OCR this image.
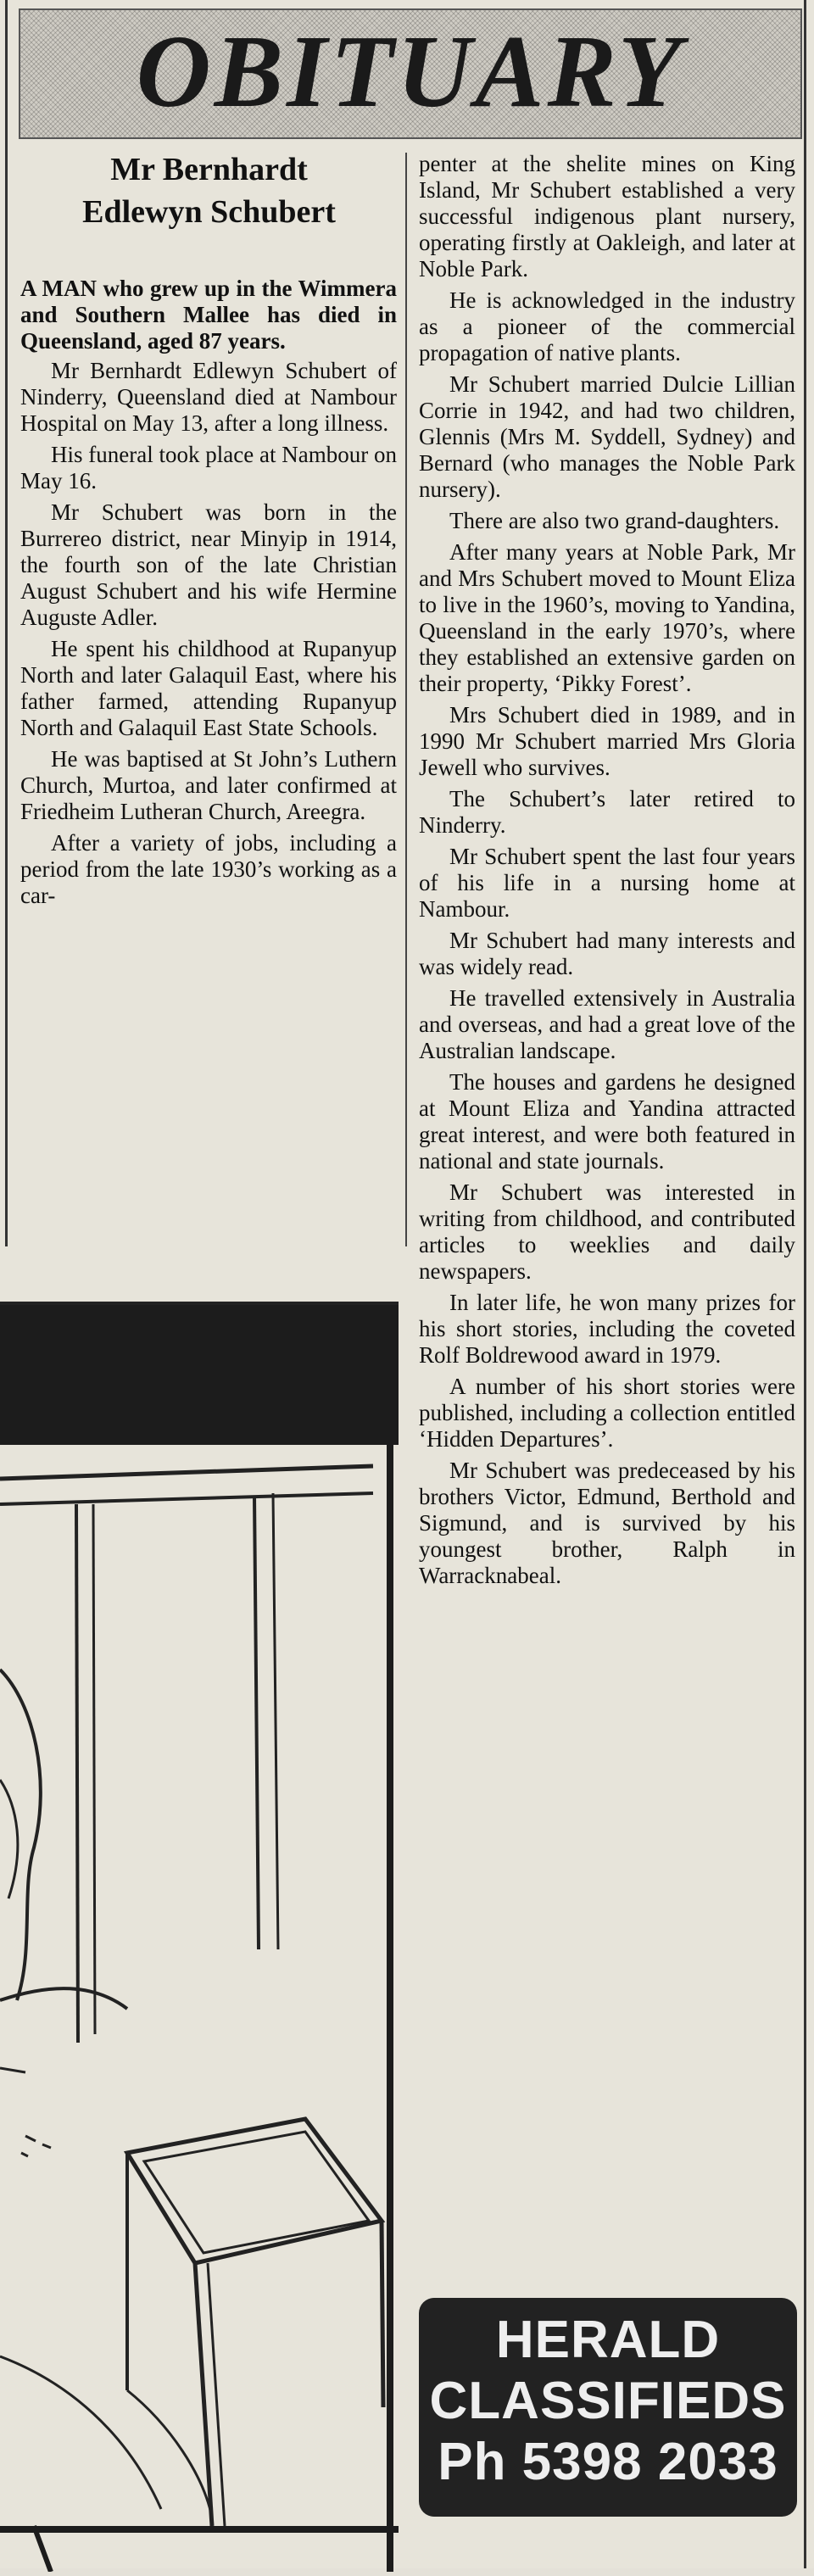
OBITUARY
Mr Bernhardt
Edlewyn Schubert

A MAN who grew up in the Wimmera and Southern Mallee has died in Queensland, aged 87 years.

Mr Bernhardt Edlewyn Schubert of Ninderry, Queensland died at Nambour Hospital on May 13, after a long illness.

His funeral took place at Nambour on May 16.

Mr Schubert was born in the Burrereo district, near Minyip in 1914, the fourth son of the late Christian August Schubert and his wife Hermine Auguste Adler.

He spent his childhood at Rupanyup North and later Galaquil East, where his father farmed, attending Rupanyup North and Galaquil East State Schools.

He was baptised at St John’s Luthern Church, Murtoa, and later confirmed at Friedheim Lutheran Church, Areegra.

After a variety of jobs, including a period from the late 1930’s working as a car-

penter at the shelite mines on King Island, Mr Schubert established a very successful indigenous plant nursery, operating firstly at Oakleigh, and later at Noble Park.

He is acknowledged in the industry as a pioneer of the commercial propagation of native plants.

Mr Schubert married Dulcie Lillian Corrie in 1942, and had two children, Glennis (Mrs M. Syddell, Sydney) and Bernard (who manages the Noble Park nursery).

There are also two grand-daughters.

After many years at Noble Park, Mr and Mrs Schubert moved to Mount Eliza to live in the 1960’s, moving to Yandina, Queensland in the early 1970’s, where they established an extensive garden on their property, ‘Pikky Forest’.

Mrs Schubert died in 1989, and in 1990 Mr Schubert married Mrs Gloria Jewell who survives.

The Schubert’s later retired to Ninderry.

Mr Schubert spent the last four years of his life in a nursing home at Nambour.

Mr Schubert had many interests and was widely read.

He travelled extensively in Australia and overseas, and had a great love of the Australian landscape.

The houses and gardens he designed at Mount Eliza and Yandina attracted great interest, and were both featured in national and state journals.

Mr Schubert was interested in writing from childhood, and contributed articles to weeklies and daily newspapers.

In later life, he won many prizes for his short stories, including the coveted Rolf Boldrewood award in 1979.

A number of his short stories were published, including a collection entitled ‘Hidden Departures’.

Mr Schubert was predeceased by his brothers Victor, Edmund, Berthold and Sigmund, and is survived by his youngest brother, Ralph in Warracknabeal.

HERALD
CLASSIFIEDS
Ph 5398 2033
